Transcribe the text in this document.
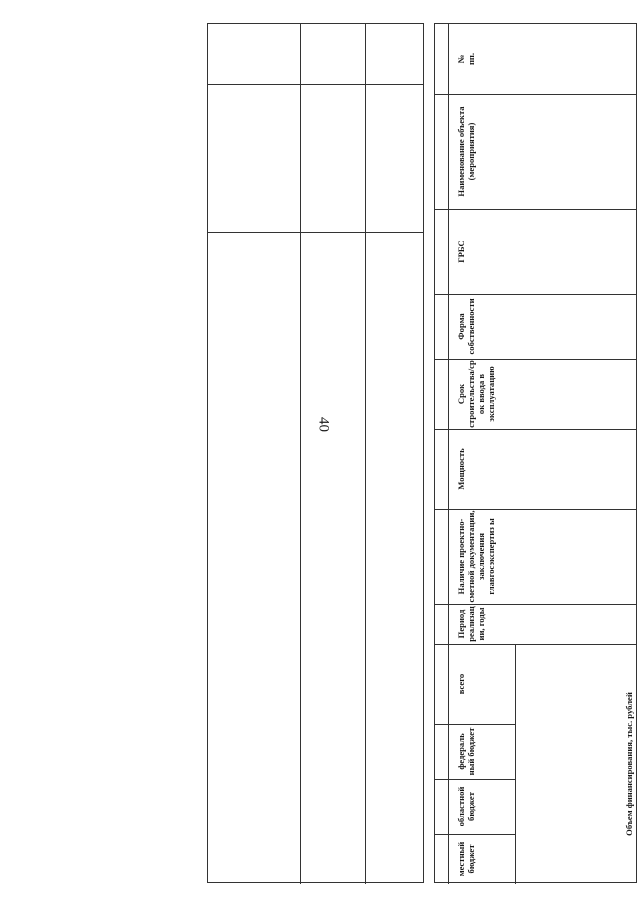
40
№
пп.
Наименование объекта (мероприятия)
ГРБС
Форма собственности
Срок строительства/ср ок ввода в эксплуатацию
Мощность
Наличие проектно-сметной документации, заключения главгосэкспертиз ы
Период реализации, годы
Объем финансирования, тыс. рублей
всего
федераль ный бюджет
областной бюджет
местный бюджет
